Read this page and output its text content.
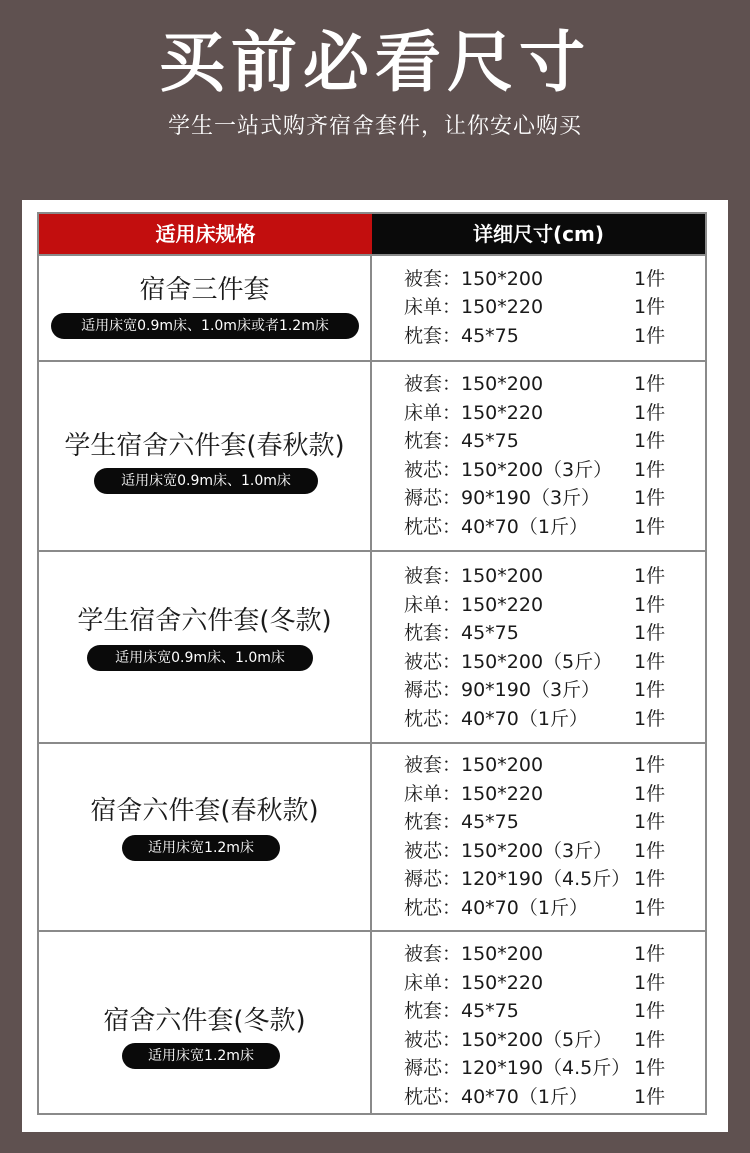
买前必看尺寸
学生一站式购齐宿舍套件，让你安心购买
适用床规格	详细尺寸(cm)
宿舍三件套
适用床宽0.9m床、1.0m床或者1.2m床
被套：150*200	1件
床单：150*220	1件
枕套：45*75	1件
学生宿舍六件套(春秋款)
适用床宽0.9m床、1.0m床
被套：150*200	1件
床单：150*220	1件
枕套：45*75	1件
被芯：150*200（3斤） 1件
褥芯：90*190（3斤） 1件
枕芯：40*70（1斤） 1件
学生宿舍六件套(冬款)
适用床宽0.9m床、1.0m床
被套：150*200	1件
床单：150*220	1件
枕套：45*75	1件
被芯：150*200（5斤） 1件
褥芯：90*190（3斤） 1件
枕芯：40*70（1斤） 1件
宿舍六件套(春秋款)
适用床宽1.2m床
被套：150*200	1件
床单：150*220	1件
枕套：45*75	1件
被芯：150*200（3斤） 1件
褥芯：120*190（4.5斤） 1件
枕芯：40*70（1斤） 1件
宿舍六件套(冬款)
适用床宽1.2m床
被套：150*200	1件
床单：150*220	1件
枕套：45*75	1件
被芯：150*200（5斤） 1件
褥芯：120*190（4.5斤） 1件
枕芯：40*70（1斤） 1件
